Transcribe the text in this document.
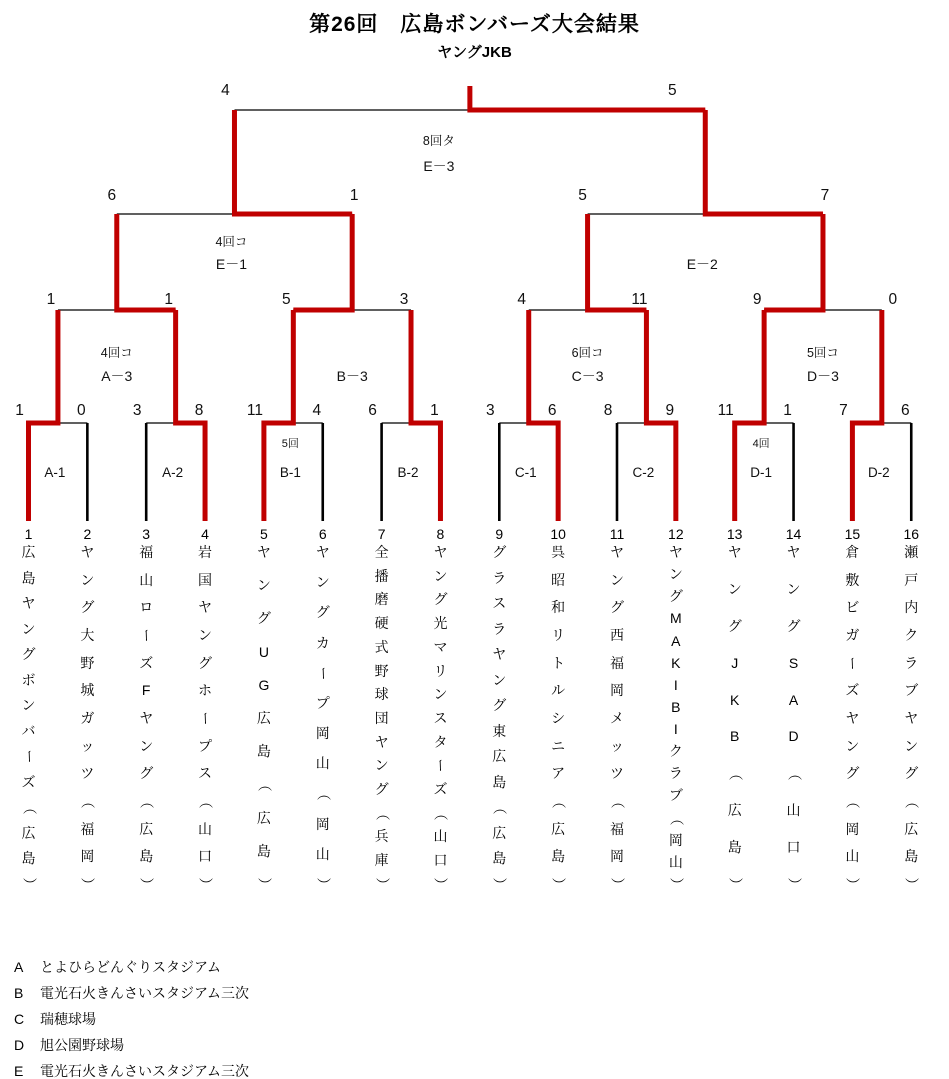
第26回　広島ボンバーズ大会結果
ヤングJKB
1	0	3	8	11	4	6	1	3	6	8	9	11	1	7	6
1	1	5	3	4	11	9	0
6	1	5	7
4	5
A-1	A-2	B-1
5回
B-2	C-1	C-2	D-1
4回
D-2
A－3
4回コ
B－3	C－3
6回コ
D－3
5回コ
E－1
4回コ
E－2
E－3
8回タ
1
広
島
ヤ
ン
グ
ボ
ン
バ
ー
ズ
（
広
島
）
2
ヤ
ン
グ
大
野
城
ガ
ッ
ツ
（
福
岡
）
3
福
山
ロ
ー
ズ
F
ヤ
ン
グ
（
広
島
）
4
岩
国
ヤ
ン
グ
ホ
ー
プ
ス
（
山
口
）
5
ヤ
ン
グ
U
G
広
島
（
広
島
）
6
ヤ
ン
グ
カ
ー
プ
岡
山
（
岡
山
）
7
全
播
磨
硬
式
野
球
団
ヤ
ン
グ
（
兵
庫
）
8
ヤ
ン
グ
光
マ
リ
ン
ス
タ
ー
ズ
（
山
口
）
9
グ
ラ
ス
ラ
ヤ
ン
グ
東
広
島
（
広
島
）
10
呉
昭
和
リ
ト
ル
シ
ニ
ア
（
広
島
）
11
ヤ
ン
グ
西
福
岡
メ
ッ
ツ
（
福
岡
）
12
ヤ
ン
グ
M
A
K
I
B
I
ク
ラ
ブ
（
岡
山
）
13
ヤ
ン
グ
J
K
B
（
広
島
）
14
ヤ
ン
グ
S
A
D
（
山
口
）
15
倉
敷
ビ
ガ
ー
ズ
ヤ
ン
グ
（
岡
山
）
16
瀬
戸
内
ク
ラ
ブ
ヤ
ン
グ
（
広
島
）
A とよひらどんぐりスタジアム
B 電光石火きんさいスタジアム三次
C 瑞穂球場
D 旭公園野球場
E 電光石火きんさいスタジアム三次
